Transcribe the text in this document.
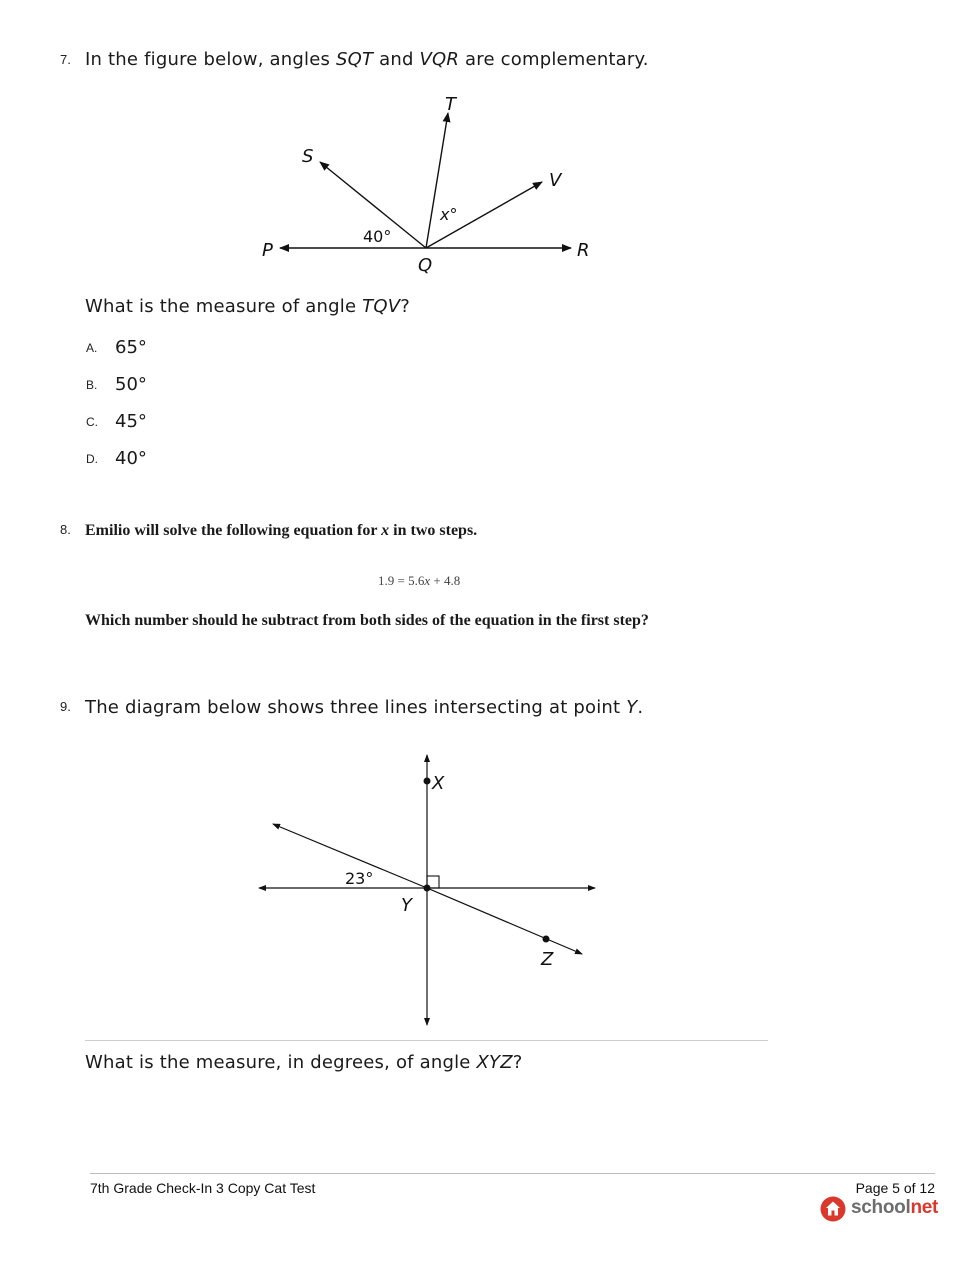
7. In the figure below, angles SQT and VQR are complementary.
P
Q
R
S
T
V
40°
x°
What is the measure of angle TQV?
A. 65°
B. 50°
C. 45°
D. 40°
8. Emilio will solve the following equation for x in two steps.
1.9 = 5.6x + 4.8
Which number should he subtract from both sides of the equation in the first step?
9. The diagram below shows three lines intersecting at point Y.
X
Y
Z
23°
What is the measure, in degrees, of angle XYZ?
7th Grade Check-In 3 Copy Cat Test	Page 5 of 12
schoolnet
